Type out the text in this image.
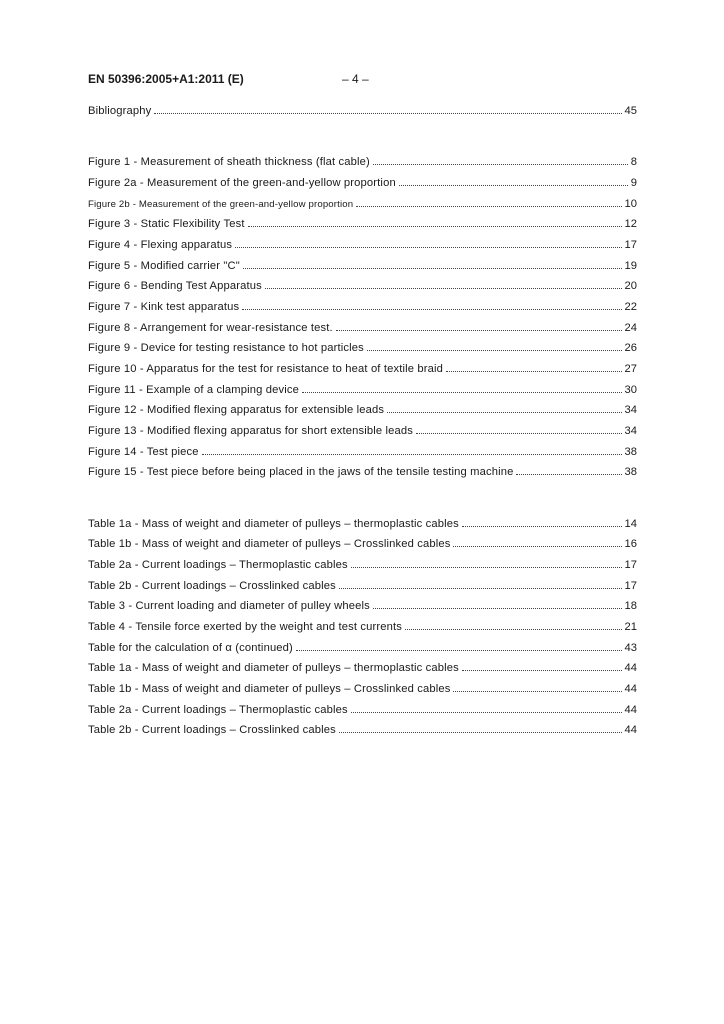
EN 50396:2005+A1:2011 (E)	– 4 –
Bibliography	45
Figure 1 - Measurement of sheath thickness (flat cable)	8
Figure 2a - Measurement of the green-and-yellow proportion	9
Figure 2b - Measurement of the green-and-yellow proportion	10
Figure 3 - Static Flexibility Test	12
Figure 4 - Flexing apparatus	17
Figure 5 - Modified carrier "C"	19
Figure 6 - Bending Test Apparatus	20
Figure 7 - Kink test apparatus	22
Figure 8 - Arrangement for wear-resistance test.	24
Figure 9 - Device for testing resistance to hot particles	26
Figure 10 - Apparatus for the test for resistance to heat of textile braid	27
Figure 11 - Example of a clamping device	30
Figure 12 - Modified flexing apparatus for extensible leads	34
Figure 13 - Modified flexing apparatus for short extensible leads	34
Figure 14 - Test piece	38
Figure 15 - Test piece before being placed in the jaws of the tensile testing machine	38
Table 1a - Mass of weight and diameter of pulleys – thermoplastic cables	14
Table 1b - Mass of weight and diameter of pulleys – Crosslinked cables	16
Table 2a - Current loadings – Thermoplastic cables	17
Table 2b - Current loadings – Crosslinked cables	17
Table 3 - Current loading and diameter of pulley wheels	18
Table 4 - Tensile force exerted by the weight and test currents	21
Table for the calculation of α (continued)	43
Table 1a - Mass of weight and diameter of pulleys – thermoplastic cables	44
Table 1b - Mass of weight and diameter of pulleys – Crosslinked cables	44
Table 2a - Current loadings – Thermoplastic cables	44
Table 2b - Current loadings – Crosslinked cables	44
